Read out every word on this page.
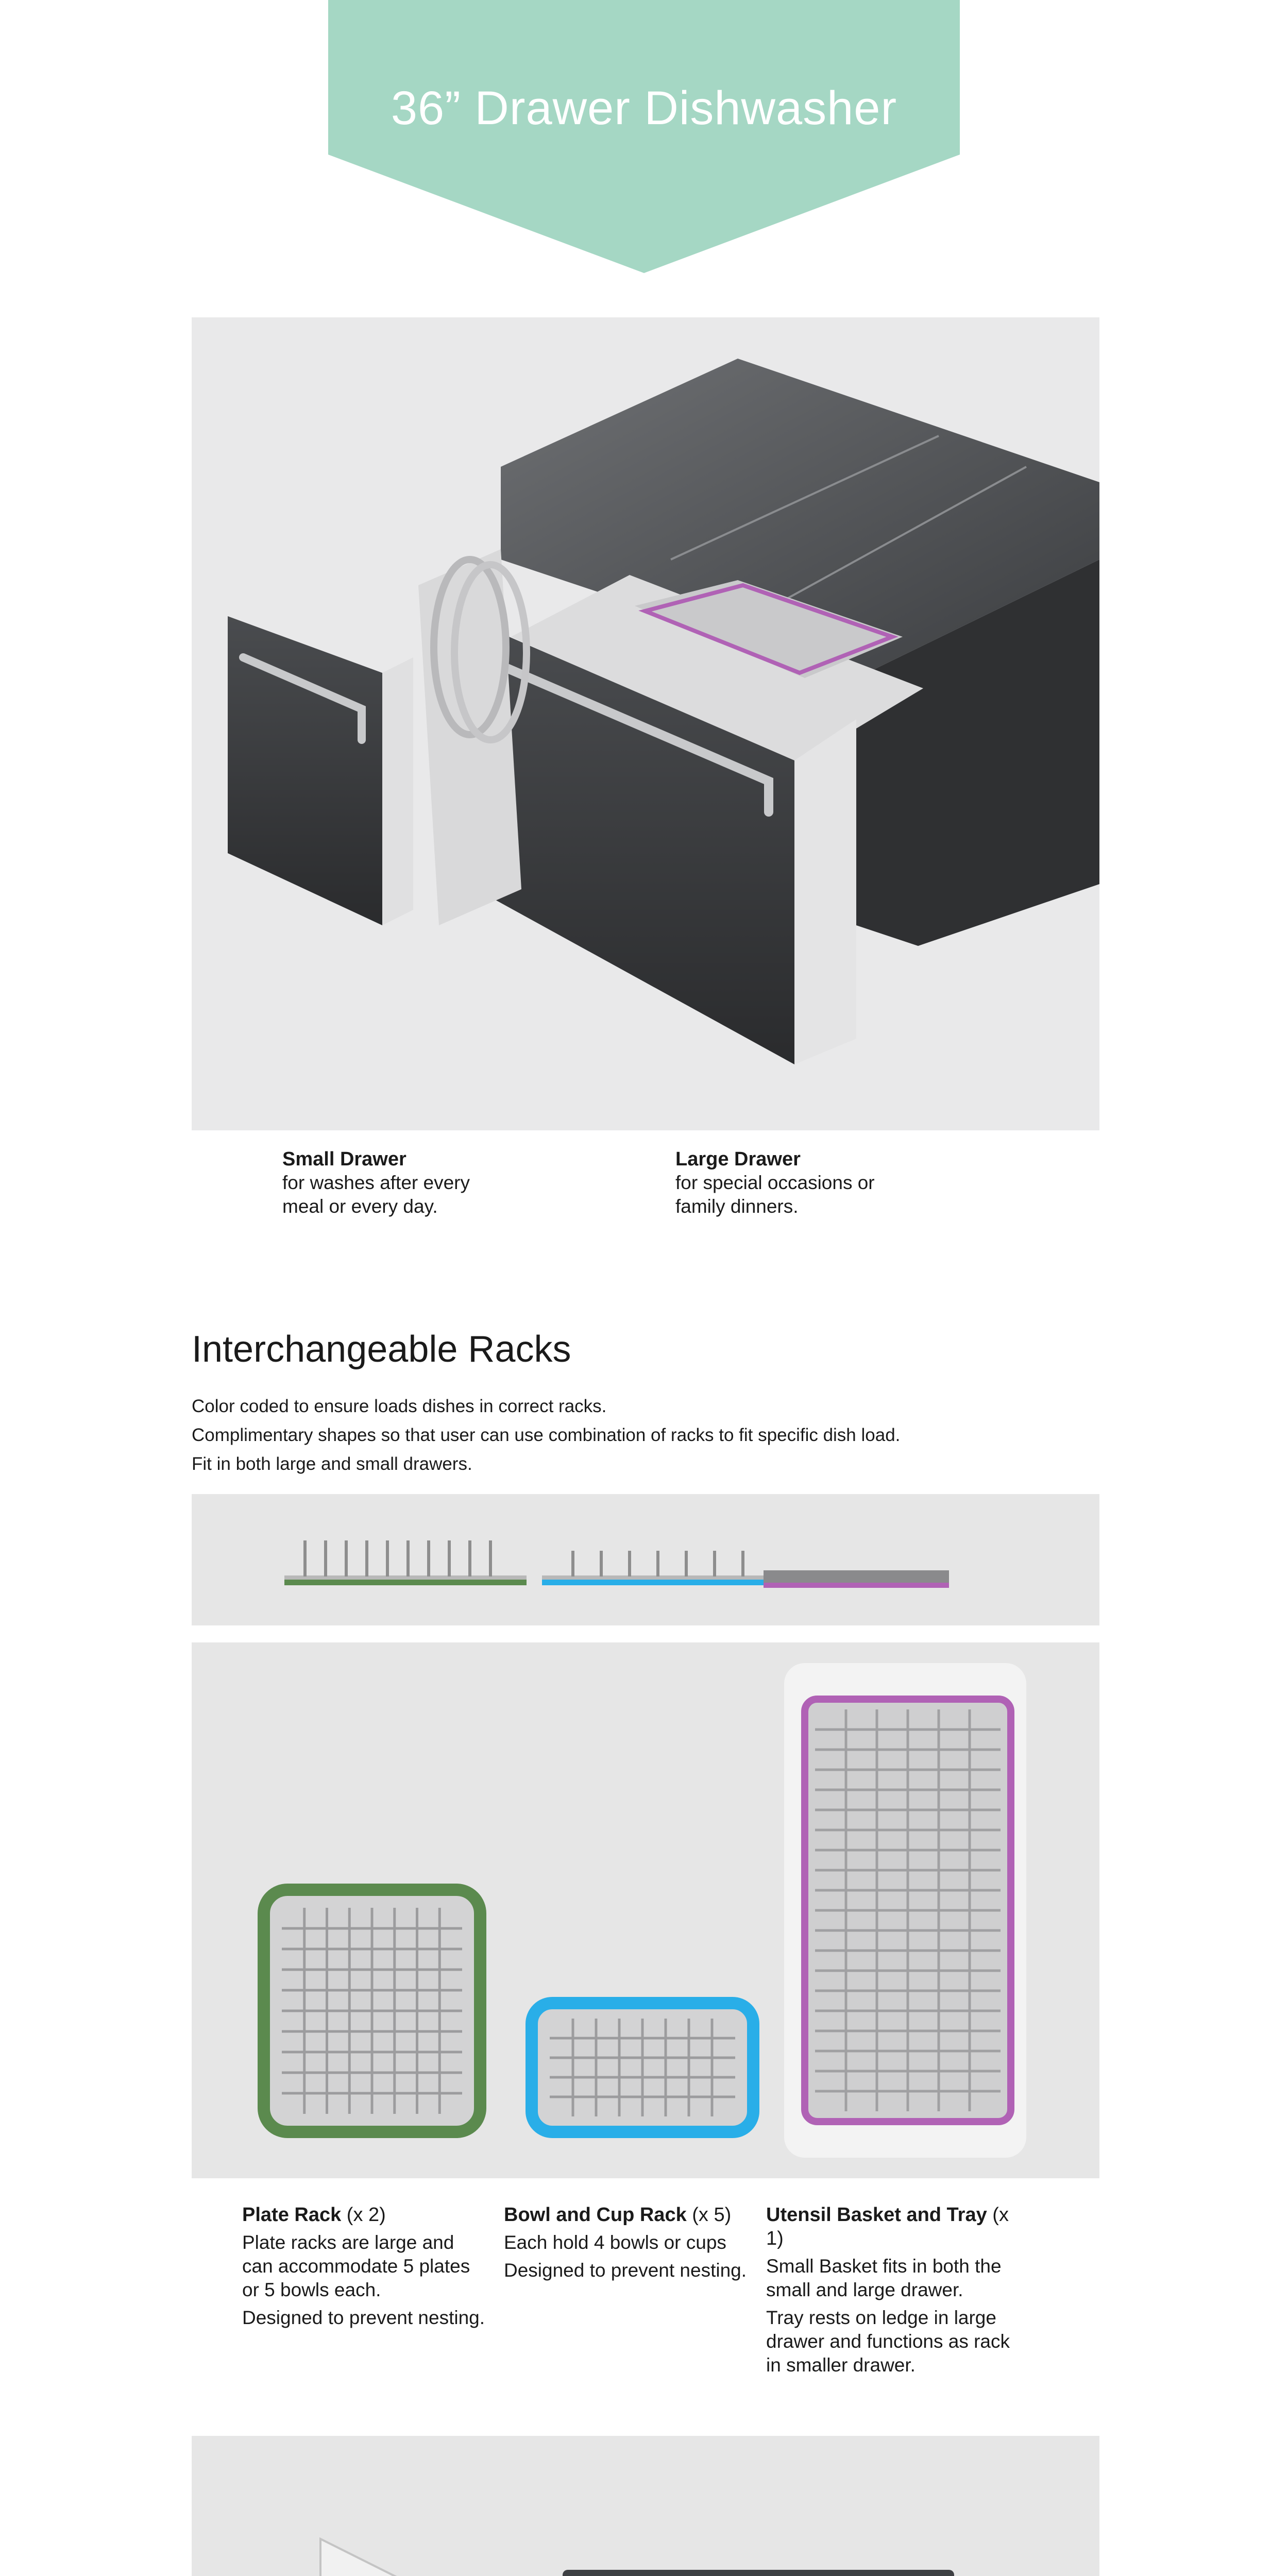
36” Drawer Dishwasher
Small Drawer
for washes after every
meal or every day.
Large Drawer
for special occasions or
family dinners.
Interchangeable Racks

Color coded to ensure loads dishes in correct racks.

Complimentary shapes so that user can use combination of racks to fit specific dish load.

Fit in both large and small drawers.

Plate Rack (x 2)
Plate racks are large and can accommodate 5 plates or 5 bowls each.
Designed to prevent nesting.
Bowl and Cup Rack (x 5)
Each hold 4 bowls or cups
Designed to prevent nesting.
Utensil Basket and Tray (x 1)
Small Basket fits in both the small and large drawer.
Tray rests on ledge in large drawer and functions as rack in smaller drawer.
